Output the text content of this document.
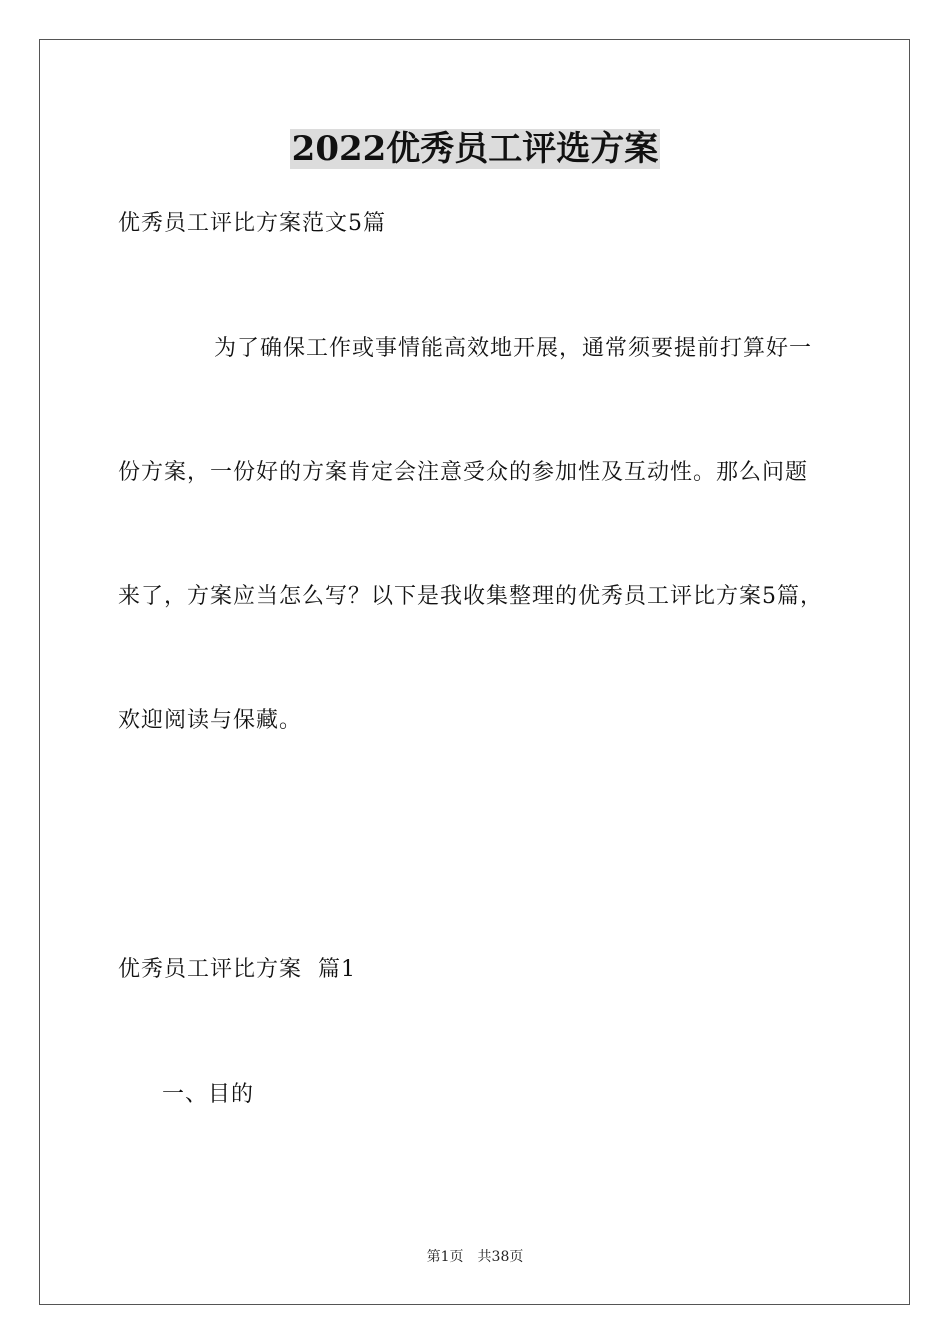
2022优秀员工评选方案
优秀员工评比方案范文5篇
为了确保工作或事情能高效地开展，通常须要提前打算好一
份方案，一份好的方案肯定会注意受众的参加性及互动性。那么问题
来了，方案应当怎么写？以下是我收集整理的优秀员工评比方案5篇，
欢迎阅读与保藏。
优秀员工评比方案  篇1
一、目的
第1页 共38页
